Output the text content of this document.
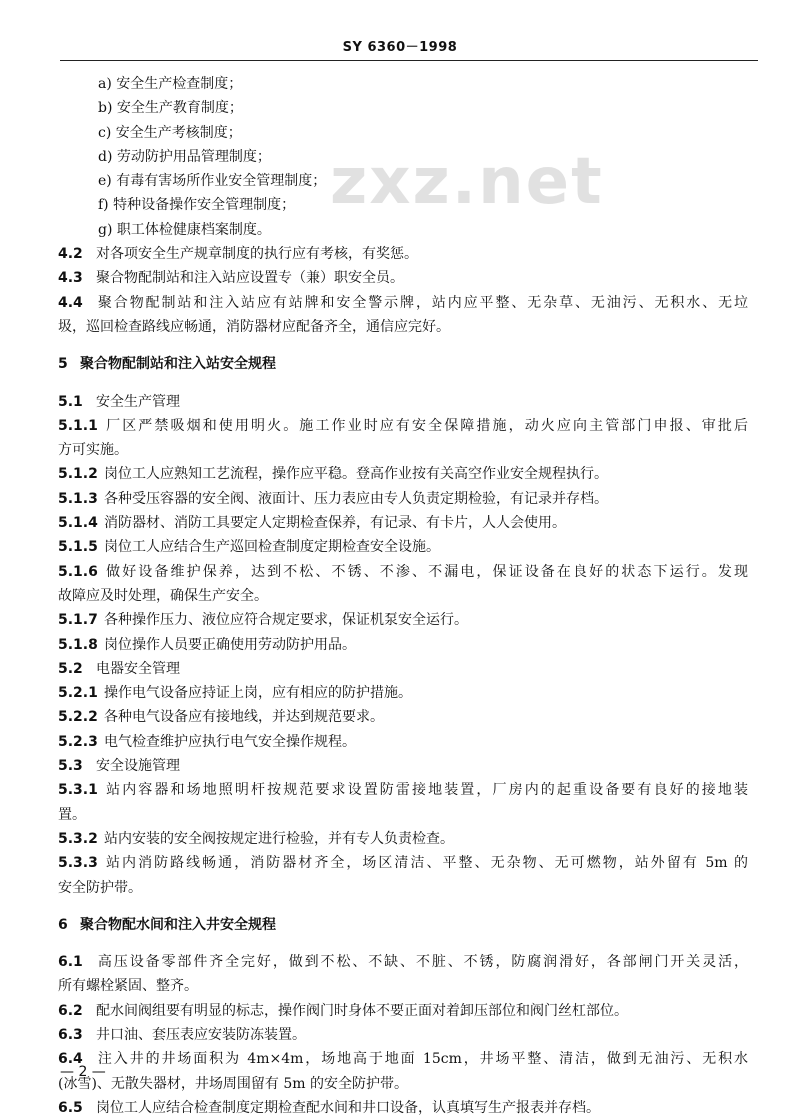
SY 6360－1998
zxz.net
a) 安全生产检查制度；
b) 安全生产教育制度；
c) 安全生产考核制度；
d) 劳动防护用品管理制度；
e) 有毒有害场所作业安全管理制度；
f) 特种设备操作安全管理制度；
g) 职工体检健康档案制度。
4.2 对各项安全生产规章制度的执行应有考核，有奖惩。
4.3 聚合物配制站和注入站应设置专（兼）职安全员。
4.4 聚合物配制站和注入站应有站牌和安全警示牌，站内应平整、无杂草、无油污、无积水、无垃
圾，巡回检查路线应畅通，消防器材应配备齐全，通信应完好。
5 聚合物配制站和注入站安全规程
5.1 安全生产管理
5.1.1 厂区严禁吸烟和使用明火。施工作业时应有安全保障措施，动火应向主管部门申报、审批后
方可实施。
5.1.2 岗位工人应熟知工艺流程，操作应平稳。登高作业按有关高空作业安全规程执行。
5.1.3 各种受压容器的安全阀、液面计、压力表应由专人负责定期检验，有记录并存档。
5.1.4 消防器材、消防工具要定人定期检查保养，有记录、有卡片，人人会使用。
5.1.5 岗位工人应结合生产巡回检查制度定期检查安全设施。
5.1.6 做好设备维护保养，达到不松、不锈、不渗、不漏电，保证设备在良好的状态下运行。发现
故障应及时处理，确保生产安全。
5.1.7 各种操作压力、液位应符合规定要求，保证机泵安全运行。
5.1.8 岗位操作人员要正确使用劳动防护用品。
5.2 电器安全管理
5.2.1 操作电气设备应持证上岗，应有相应的防护措施。
5.2.2 各种电气设备应有接地线，并达到规范要求。
5.2.3 电气检查维护应执行电气安全操作规程。
5.3 安全设施管理
5.3.1 站内容器和场地照明杆按规范要求设置防雷接地装置，厂房内的起重设备要有良好的接地装
置。
5.3.2 站内安装的安全阀按规定进行检验，并有专人负责检查。
5.3.3 站内消防路线畅通，消防器材齐全，场区清洁、平整、无杂物、无可燃物，站外留有 5m 的
安全防护带。
6 聚合物配水间和注入井安全规程
6.1 高压设备零部件齐全完好，做到不松、不缺、不脏、不锈，防腐润滑好，各部闸门开关灵活，
所有螺栓紧固、整齐。
6.2 配水间阀组要有明显的标志，操作阀门时身体不要正面对着卸压部位和阀门丝杠部位。
6.3 井口油、套压表应安装防冻装置。
6.4 注入井的井场面积为 4m×4m，场地高于地面 15cm，井场平整、清洁，做到无油污、无积水
(冰雪)、无散失器材，井场周围留有 5m 的安全防护带。
6.5 岗位工人应结合检查制度定期检查配水间和井口设备，认真填写生产报表并存档。
— 2 —
